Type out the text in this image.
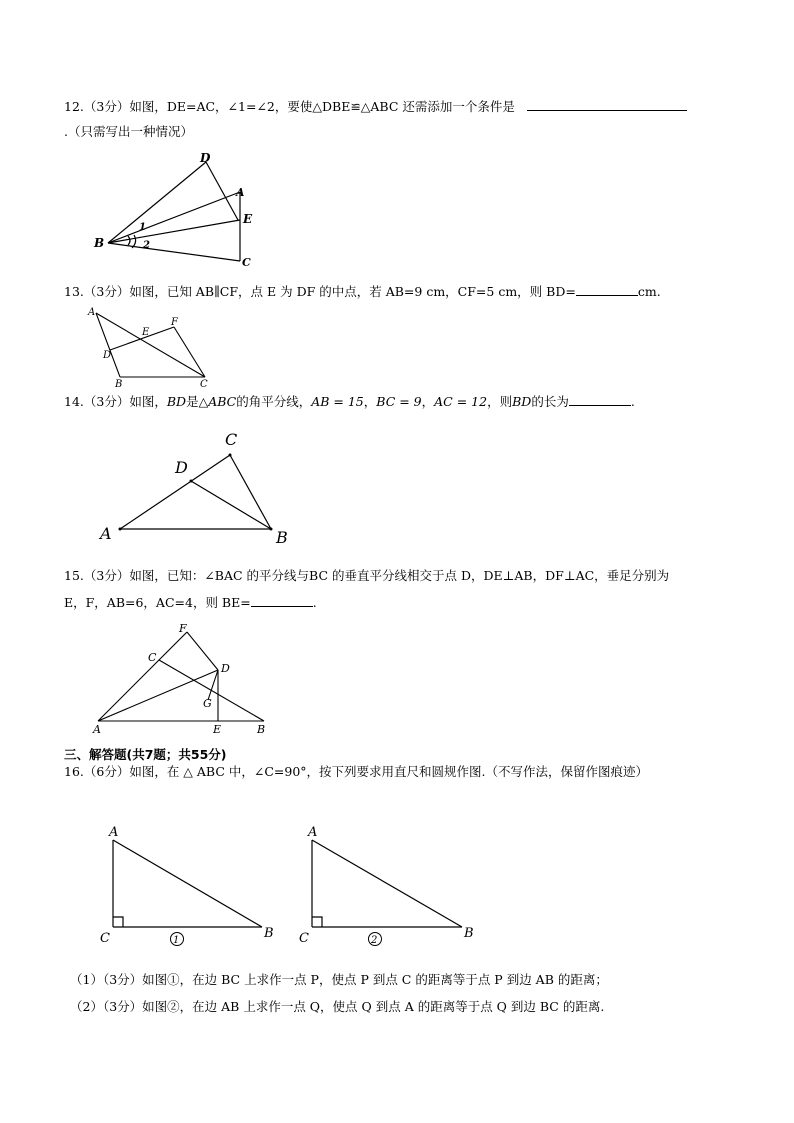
12.（3分）如图，DE=AC，∠1=∠2，要使△DBE≌△ABC 还需添加一个条件是
.（只需写出一种情况）
D
A
E
B
C
1
2
13.（3分）如图，已知 AB∥CF，点 E 为 DF 的中点，若 AB=9 cm，CF=5 cm，则 BD=	cm.
A
E
F
D
B	C
14.（3分）如图，BD是△ABC的角平分线，AB = 15，BC = 9，AC = 12，则BD的长为	.
C
D
A	B
15.（3分）如图，已知：∠BAC 的平分线与BC 的垂直平分线相交于点 D，DE⊥AB，DF⊥AC，垂足分别为
E，F，AB=6，AC=4，则 BE=	.
F
C
D
G
A	E	B
三、解答题(共7题；共55分)
16.（6分）如图，在 △ ABC 中，∠C=90°，按下列要求用直尺和圆规作图.（不写作法，保留作图痕迹）
A
C	B
1
A
C	B
2
（1）（3分）如图①，在边 BC 上求作一点 P，使点 P 到点 C 的距离等于点 P 到边 AB 的距离；
（2）（3分）如图②，在边 AB 上求作一点 Q，使点 Q 到点 A 的距离等于点 Q 到边 BC 的距离.
